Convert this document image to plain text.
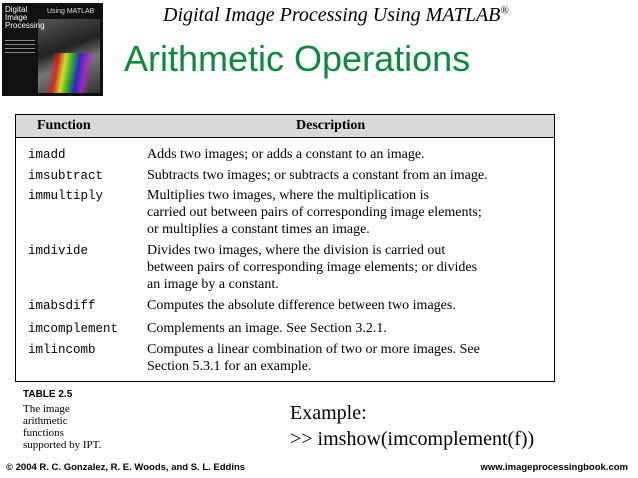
Digital
Image
Processing
Using MATLAB	Digital Image Processing Using MATLAB®
Arithmetic Operations
Function	Description
imadd	Adds two images; or adds a constant to an image.
imsubtract	Subtracts two images; or subtracts a constant from an image.
immultiply	Multiplies two images, where the multiplication is
carried out between pairs of corresponding image elements;
or multiplies a constant times an image.
imdivide	Divides two images, where the division is carried out
between pairs of corresponding image elements; or divides
an image by a constant.
imabsdiff	Computes the absolute difference between two images.
imcomplement Complements an image. See Section 3.2.1.
imlincomb	Computes a linear combination of two or more images. See
Section 5.3.1 for an example.
TABLE 2.5
The image
arithmetic
functions
supported by IPT.
Example:
>> imshow(imcomplement(f))
© 2004 R. C. Gonzalez, R. E. Woods, and S. L. Eddins	www.imageprocessingbook.com
